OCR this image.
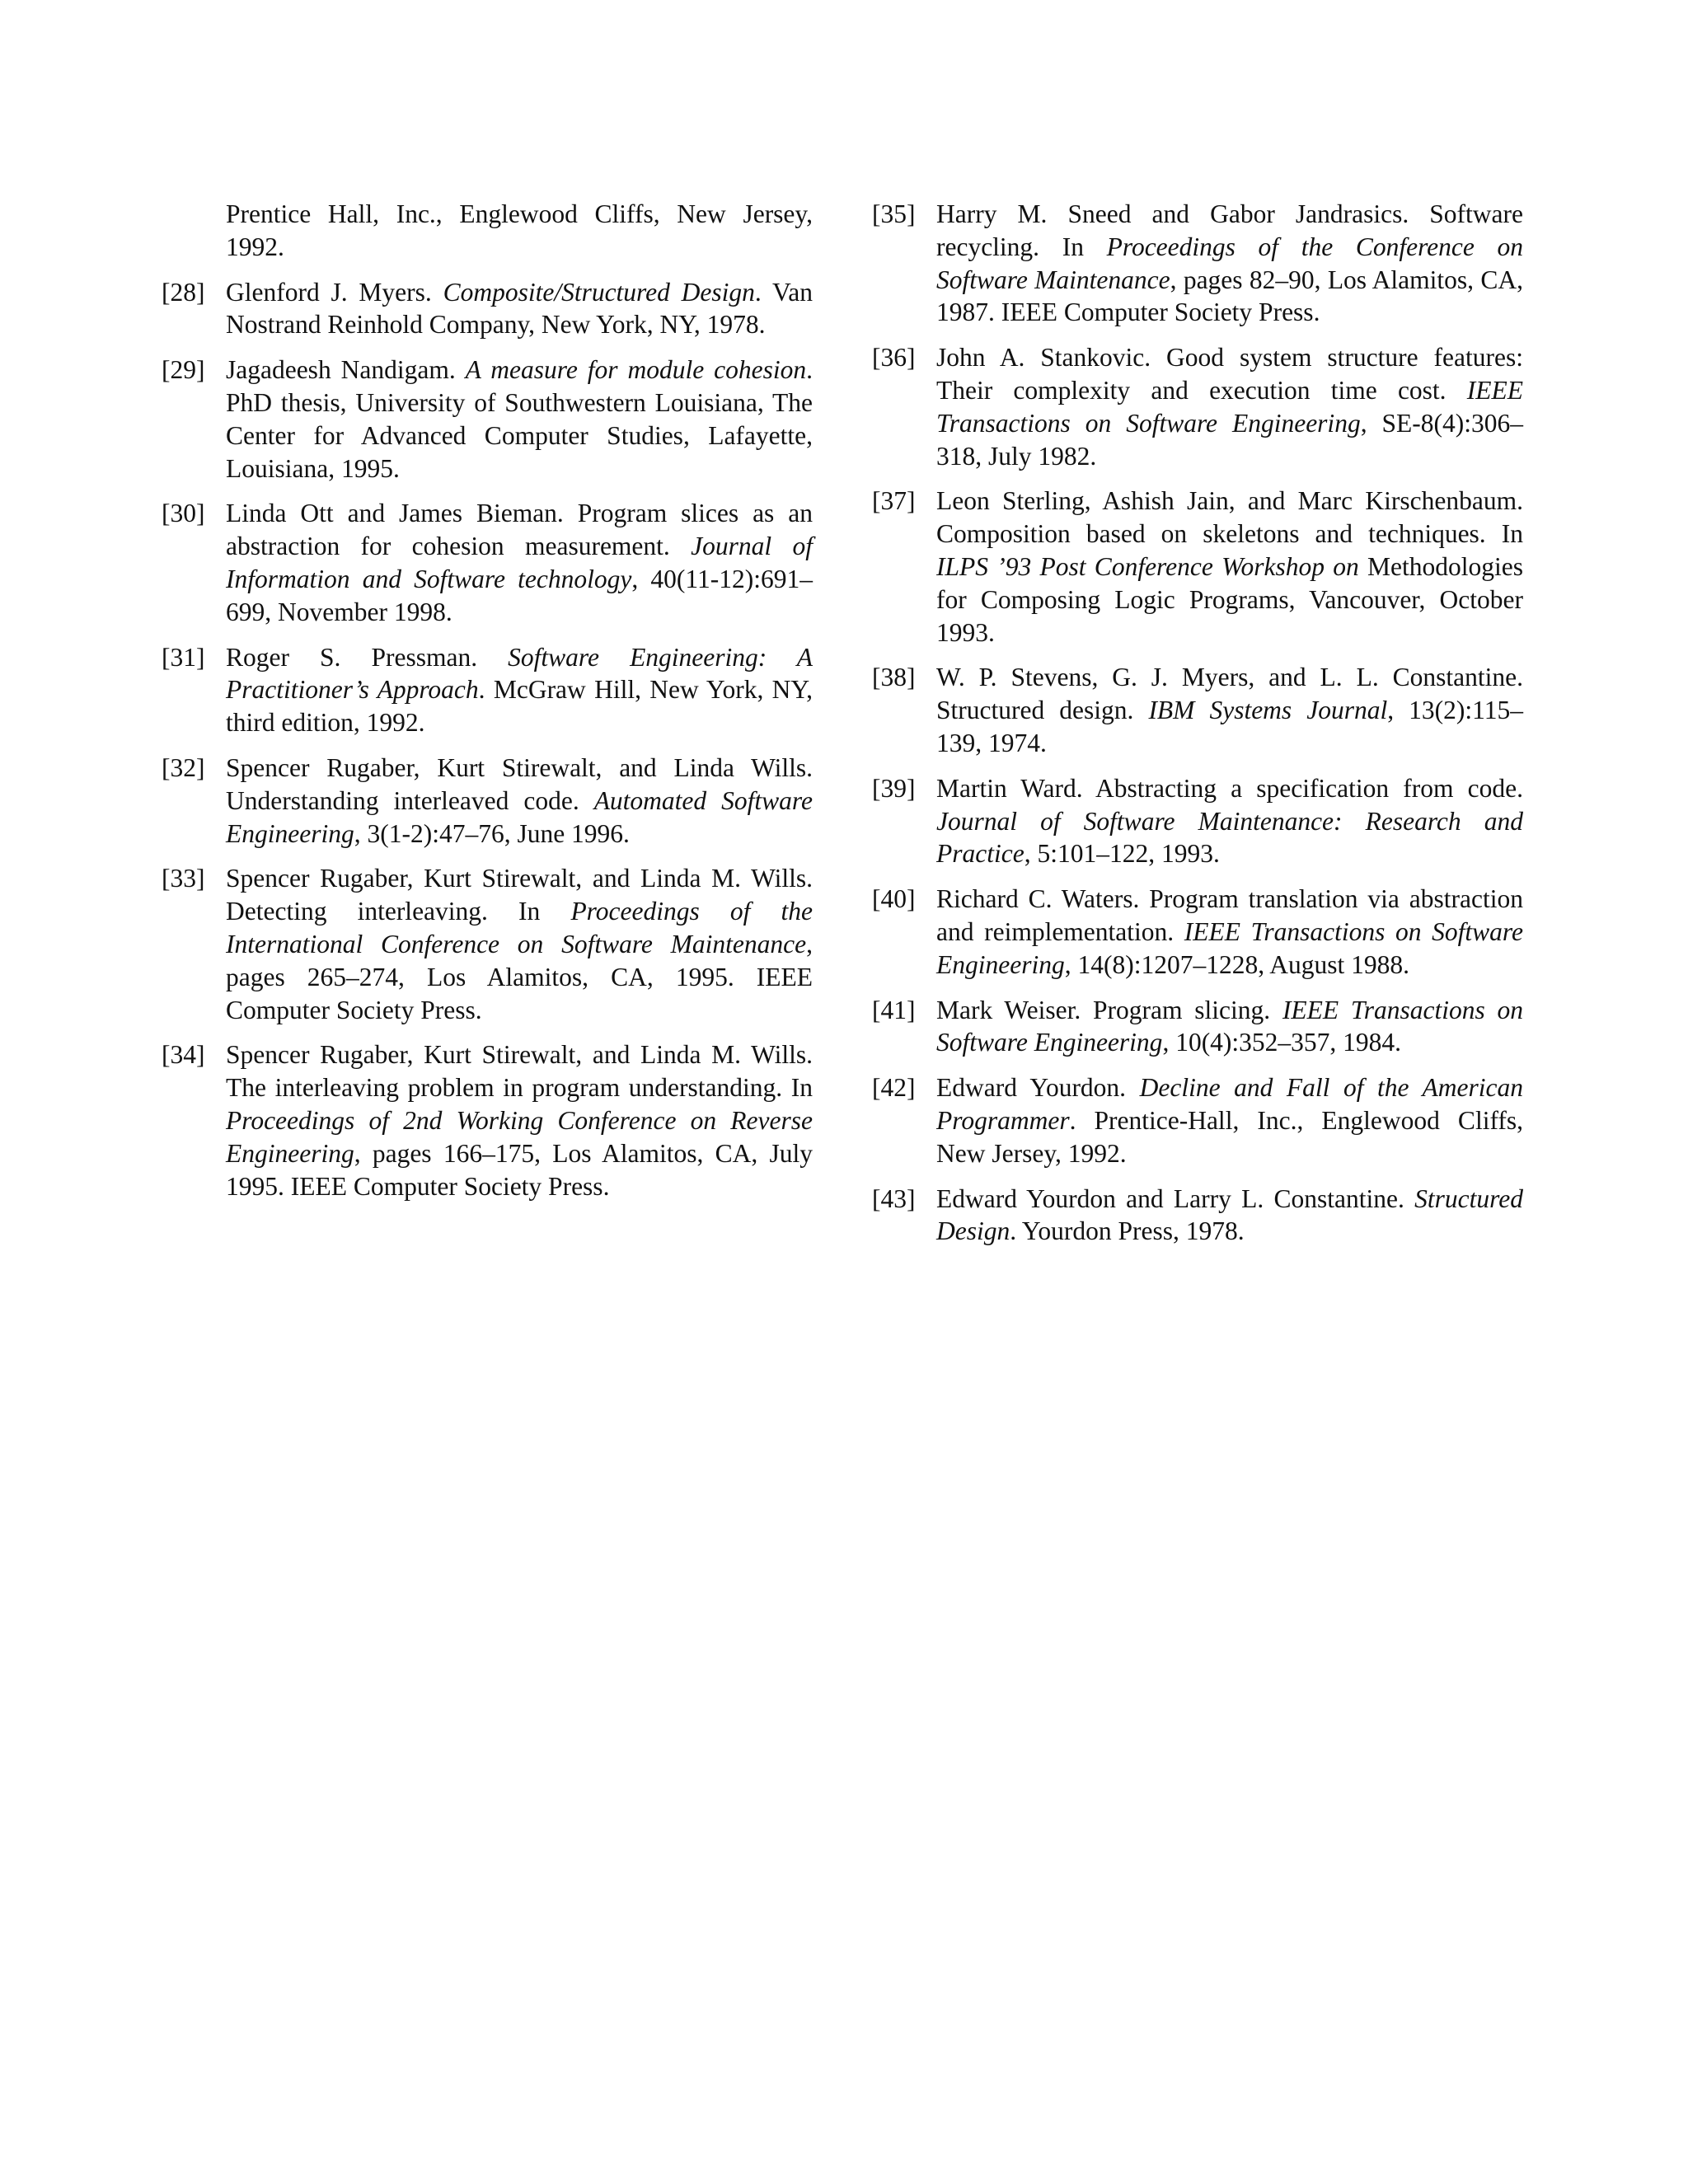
Prentice Hall, Inc., Englewood Cliffs, New Jersey, 1992.
[28] Glenford J. Myers. Composite/Structured Design. Van Nostrand Reinhold Company, New York, NY, 1978.
[29] Jagadeesh Nandigam. A measure for module cohesion. PhD thesis, University of Southwestern Louisiana, The Center for Advanced Computer Studies, Lafayette, Louisiana, 1995.
[30] Linda Ott and James Bieman. Program slices as an abstraction for cohesion measurement. Journal of Information and Software technology, 40(11-12):691–699, November 1998.
[31] Roger S. Pressman. Software Engineering: A Practitioner’s Approach. McGraw Hill, New York, NY, third edition, 1992.
[32] Spencer Rugaber, Kurt Stirewalt, and Linda Wills. Understanding interleaved code. Automated Software Engineering, 3(1-2):47–76, June 1996.
[33] Spencer Rugaber, Kurt Stirewalt, and Linda M. Wills. Detecting interleaving. In Proceedings of the International Conference on Software Maintenance, pages 265–274, Los Alamitos, CA, 1995. IEEE Computer Society Press.
[34] Spencer Rugaber, Kurt Stirewalt, and Linda M. Wills. The interleaving problem in program understanding. In Proceedings of 2nd Working Conference on Reverse Engineering, pages 166–175, Los Alamitos, CA, July 1995. IEEE Computer Society Press.
[35] Harry M. Sneed and Gabor Jandrasics. Software recycling. In Proceedings of the Conference on Software Maintenance, pages 82–90, Los Alamitos, CA, 1987. IEEE Computer Society Press.
[36] John A. Stankovic. Good system structure features: Their complexity and execution time cost. IEEE Transactions on Software Engineering, SE-8(4):306–318, July 1982.
[37] Leon Sterling, Ashish Jain, and Marc Kirschenbaum. Composition based on skeletons and techniques. In ILPS ’93 Post Conference Workshop on Methodologies for Composing Logic Programs, Vancouver, October 1993.
[38] W. P. Stevens, G. J. Myers, and L. L. Constantine. Structured design. IBM Systems Journal, 13(2):115–139, 1974.
[39] Martin Ward. Abstracting a specification from code. Journal of Software Maintenance: Research and Practice, 5:101–122, 1993.
[40] Richard C. Waters. Program translation via abstraction and reimplementation. IEEE Transactions on Software Engineering, 14(8):1207–1228, August 1988.
[41] Mark Weiser. Program slicing. IEEE Transactions on Software Engineering, 10(4):352–357, 1984.
[42] Edward Yourdon. Decline and Fall of the American Programmer. Prentice-Hall, Inc., Englewood Cliffs, New Jersey, 1992.
[43] Edward Yourdon and Larry L. Constantine. Structured Design. Yourdon Press, 1978.
